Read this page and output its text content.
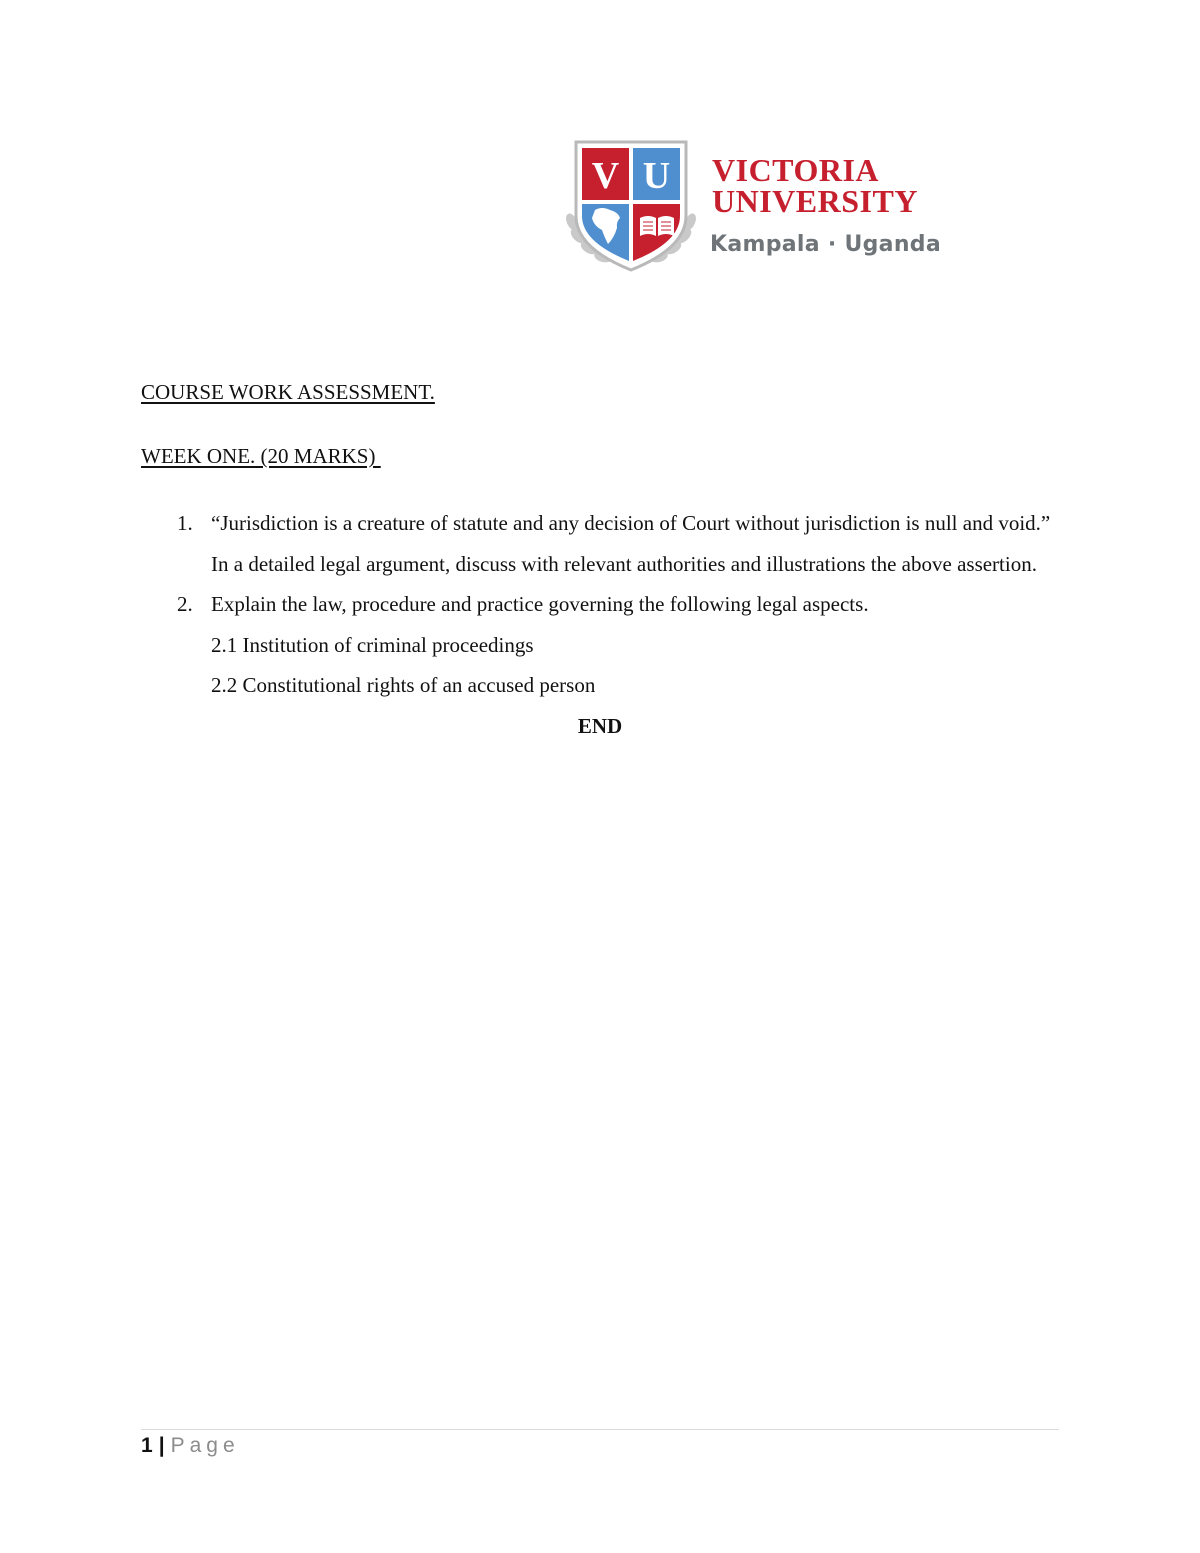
V U VICTORIA
UNIVERSITY
Kampala · Uganda
COURSE WORK ASSESSMENT.
WEEK ONE. (20 MARKS)
1. “Jurisdiction is a creature of statute and any decision of Court without jurisdiction is null and void.” In a detailed legal argument, discuss with relevant authorities and illustrations the above assertion.
2. Explain the law, procedure and practice governing the following legal aspects.
2.1 Institution of criminal proceedings
2.2 Constitutional rights of an accused person
END
1 | Page
